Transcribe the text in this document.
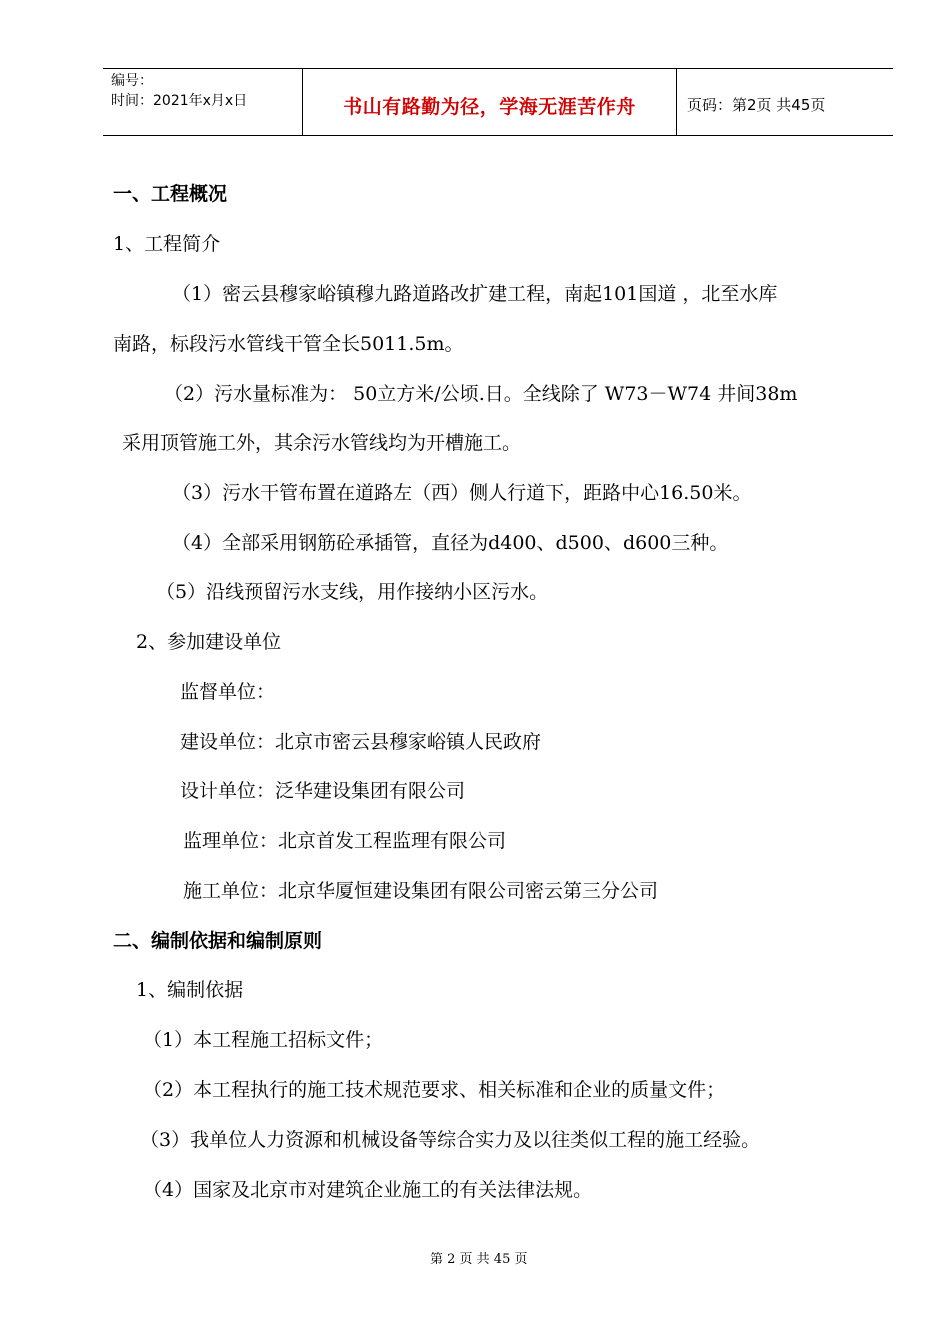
编号：
时间：2021年x月x日	书山有路勤为径，学海无涯苦作舟	页码：第2页 共45页
一、工程概况
1、工程简介
（1）密云县穆家峪镇穆九路道路改扩建工程，南起101国道 ，北至水库
南路，标段污水管线干管全长5011.5m。
（2）污水量标准为： 50立方米/公顷.日。全线除了 W73－W74 井间38m
采用顶管施工外，其余污水管线均为开槽施工。
（3）污水干管布置在道路左（西）侧人行道下，距路中心16.50米。
（4）全部采用钢筋砼承插管，直径为d400、d500、d600三种。
（5）沿线预留污水支线，用作接纳小区污水。
2、参加建设单位
监督单位：
建设单位：北京市密云县穆家峪镇人民政府
设计单位：泛华建设集团有限公司
监理单位：北京首发工程监理有限公司
施工单位：北京华厦恒建设集团有限公司密云第三分公司
二、编制依据和编制原则
1、编制依据
（1）本工程施工招标文件；
（2）本工程执行的施工技术规范要求、相关标准和企业的质量文件；
（3）我单位人力资源和机械设备等综合实力及以往类似工程的施工经验。
（4）国家及北京市对建筑企业施工的有关法律法规。
第 2 页 共 45 页
